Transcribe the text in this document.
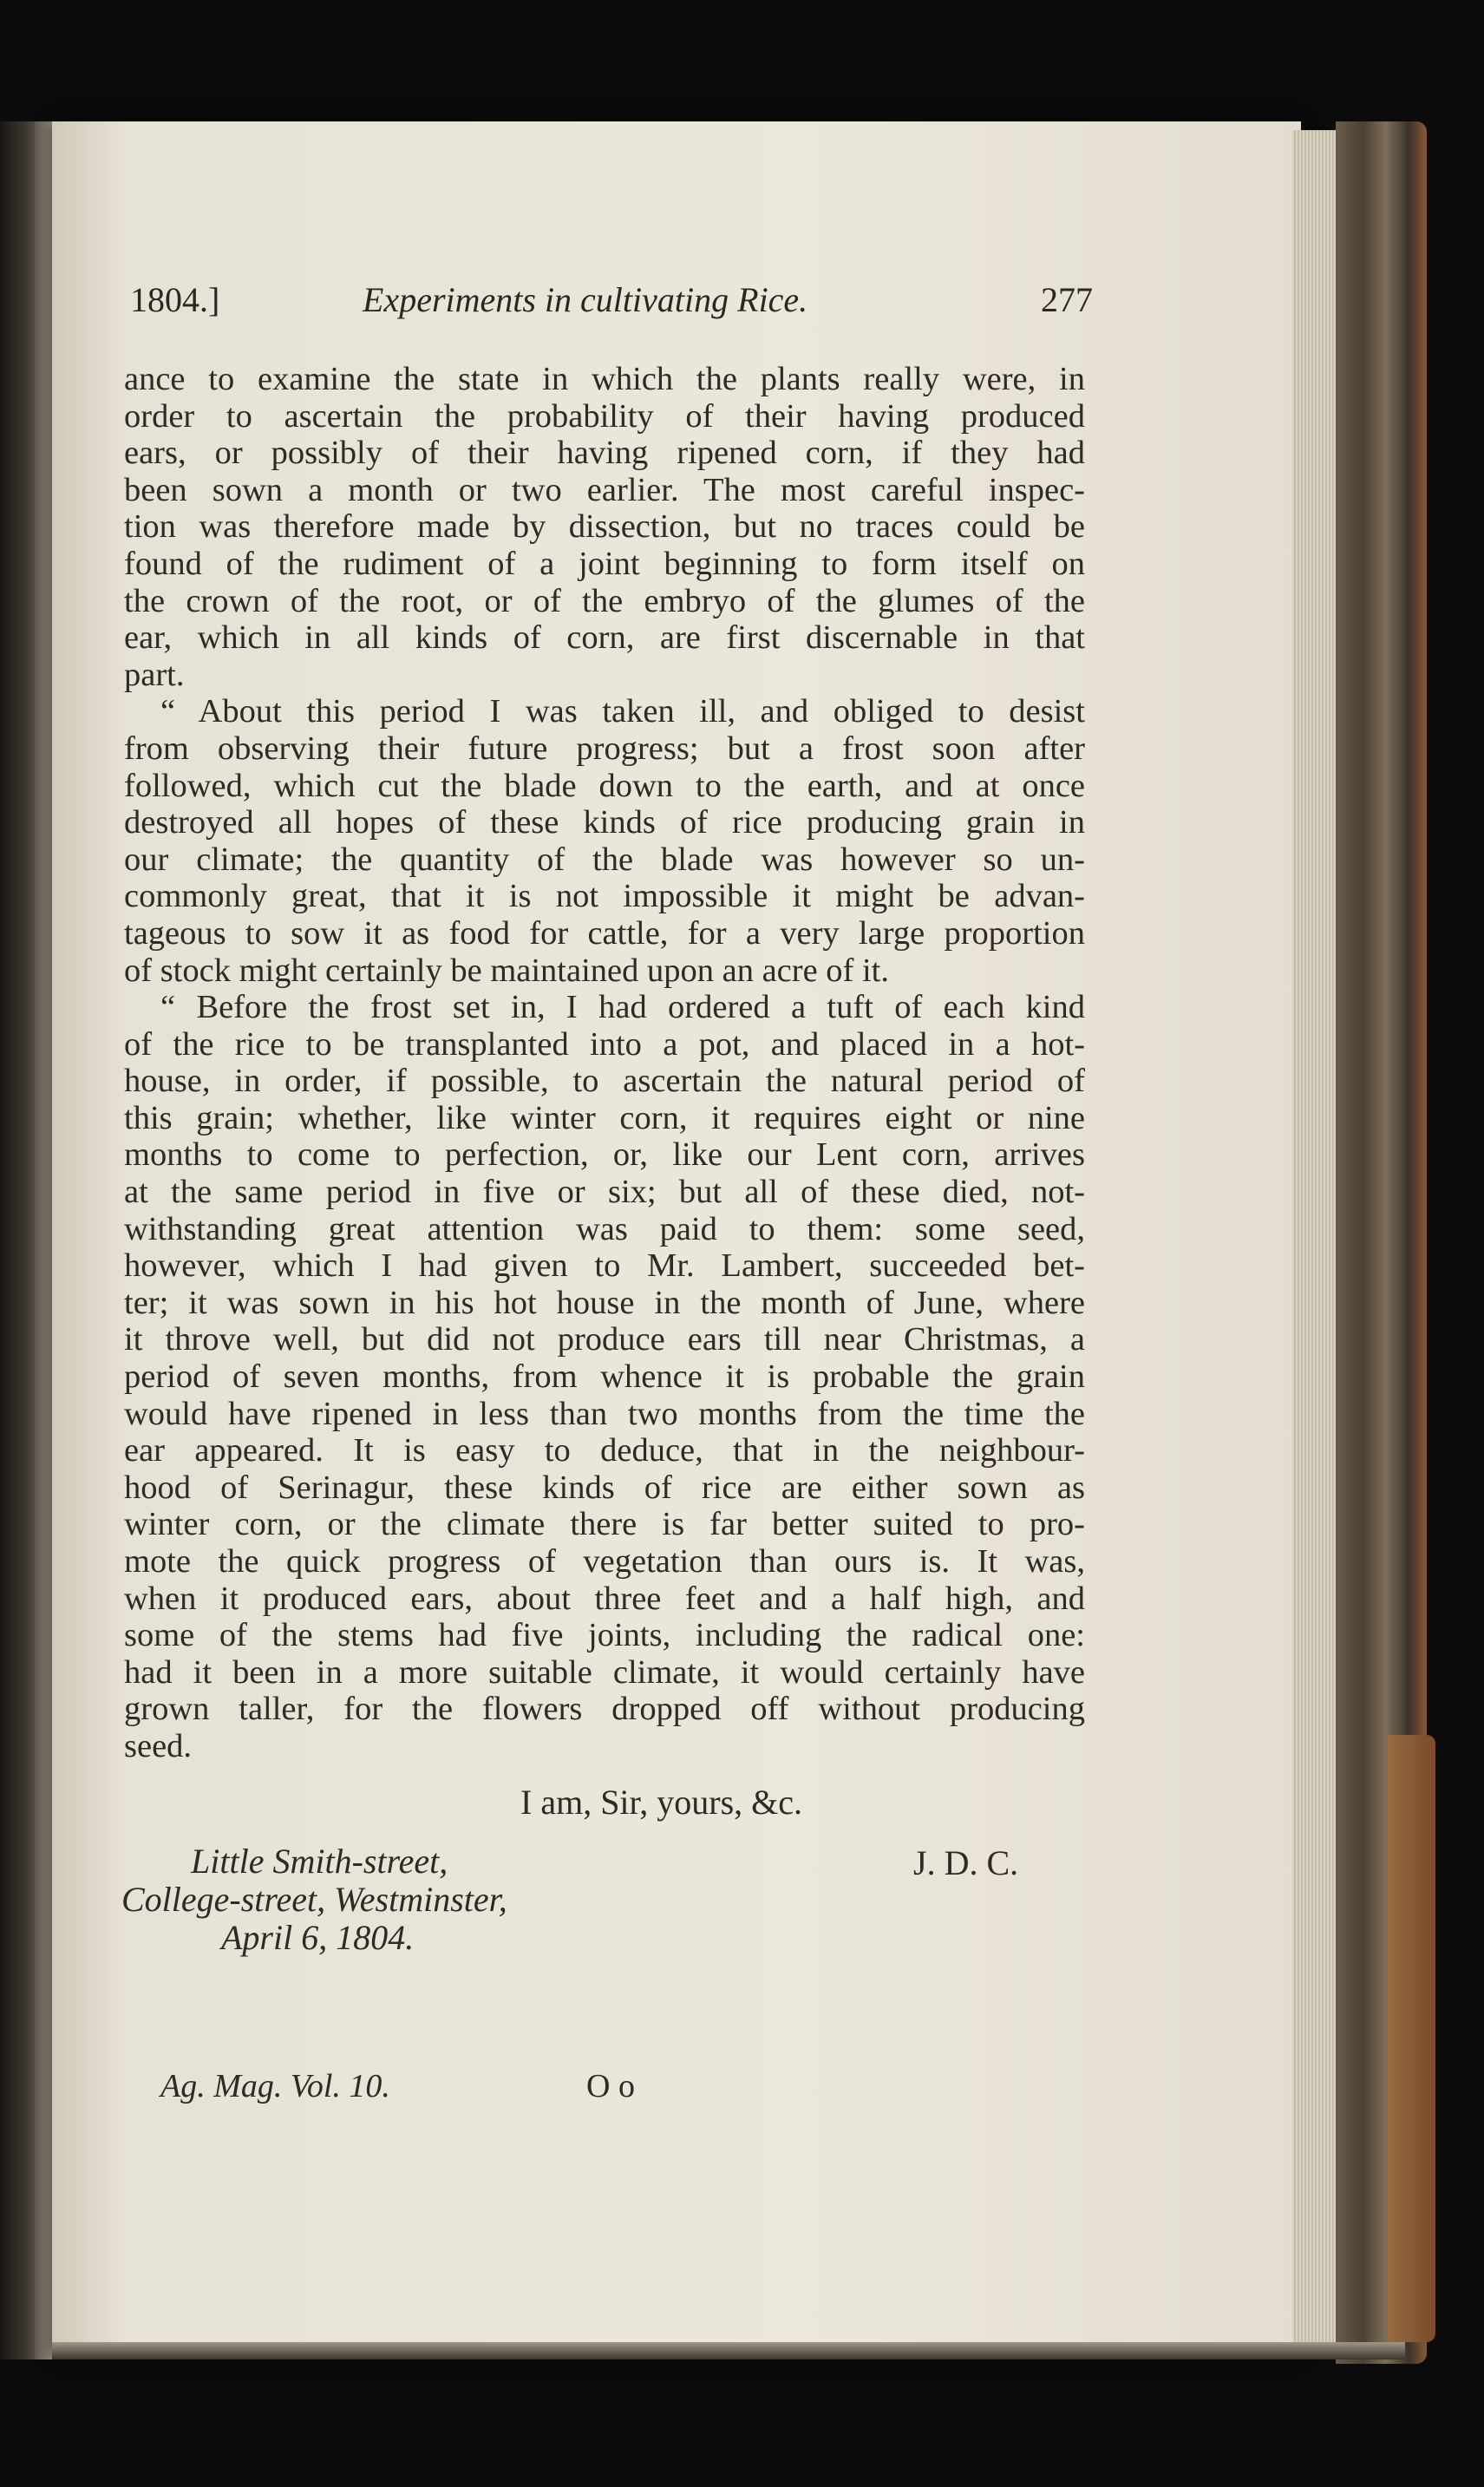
1804.]	Experiments in cultivating Rice.	277
ance to examine the state in which the plants really were, in
order to ascertain the probability of their having produced
ears, or possibly of their having ripened corn, if they had
been sown a month or two earlier. The most careful inspec-
tion was therefore made by dissection, but no traces could be
found of the rudiment of a joint beginning to form itself on
the crown of the root, or of the embryo of the glumes of the
ear, which in all kinds of corn, are first discernable in that
part.
“ About this period I was taken ill, and obliged to desist
from observing their future progress; but a frost soon after
followed, which cut the blade down to the earth, and at once
destroyed all hopes of these kinds of rice producing grain in
our climate; the quantity of the blade was however so un-
commonly great, that it is not impossible it might be advan-
tageous to sow it as food for cattle, for a very large proportion
of stock might certainly be maintained upon an acre of it.
“ Before the frost set in, I had ordered a tuft of each kind
of the rice to be transplanted into a pot, and placed in a hot-
house, in order, if possible, to ascertain the natural period of
this grain; whether, like winter corn, it requires eight or nine
months to come to perfection, or, like our Lent corn, arrives
at the same period in five or six; but all of these died, not-
withstanding great attention was paid to them: some seed,
however, which I had given to Mr. Lambert, succeeded bet-
ter; it was sown in his hot house in the month of June, where
it throve well, but did not produce ears till near Christmas, a
period of seven months, from whence it is probable the grain
would have ripened in less than two months from the time the
ear appeared. It is easy to deduce, that in the neighbour-
hood of Serinagur, these kinds of rice are either sown as
winter corn, or the climate there is far better suited to pro-
mote the quick progress of vegetation than ours is. It was,
when it produced ears, about three feet and a half high, and
some of the stems had five joints, including the radical one:
had it been in a more suitable climate, it would certainly have
grown taller, for the flowers dropped off without producing
seed.
I am, Sir, yours, &c.
Little Smith-street,
College-street, Westminster,
April 6, 1804.
J. D. C.
Ag. Mag. Vol. 10.	O o
